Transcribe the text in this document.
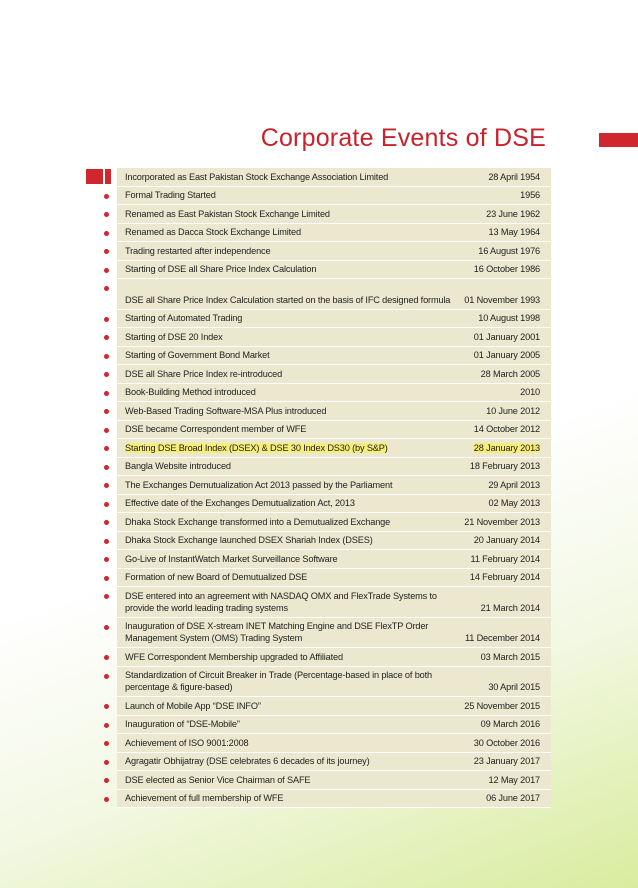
Corporate Events of DSE
Incorporated as East Pakistan Stock Exchange Association Limited	28 April 1954
Formal Trading Started	1956
Renamed as East Pakistan Stock Exchange Limited	23 June 1962
Renamed as Dacca Stock Exchange Limited	13 May 1964
Trading restarted after independence	16 August 1976
Starting of DSE all Share Price Index Calculation	16 October 1986
DSE all Share Price Index Calculation started on the basis of IFC designed formula 01 November 1993
Starting of Automated Trading	10 August 1998
Starting of DSE 20 Index	01 January 2001
Starting of Government Bond Market	01 January 2005
DSE all Share Price Index re-introduced	28 March 2005
Book-Building Method introduced	2010
Web-Based Trading Software-MSA Plus introduced	10 June 2012
DSE became Correspondent member of WFE	14 October 2012
Starting DSE Broad Index (DSEX) & DSE 30 Index DS30 (by S&P)	28 January 2013
Bangla Website introduced	18 February 2013
The Exchanges Demutualization Act 2013 passed by the Parliament	29 April 2013
Effective date of the Exchanges Demutualization Act, 2013	02 May 2013
Dhaka Stock Exchange transformed into a Demutualized Exchange	21 November 2013
Dhaka Stock Exchange launched DSEX Shariah Index (DSES)	20 January 2014
Go-Live of InstantWatch Market Surveillance Software	11 February 2014
Formation of new Board of Demutualized DSE	14 February 2014
DSE entered into an agreement with NASDAQ OMX and FlexTrade Systems to provide the world leading trading systems	21 March 2014
Inauguration of DSE X-stream INET Matching Engine and DSE FlexTP Order Management System (OMS) Trading System	11 December 2014
WFE Correspondent Membership upgraded to Affiliated	03 March 2015
Standardization of Circuit Breaker in Trade (Percentage-based in place of both percentage & figure-based)	30 April 2015
Launch of Mobile App “DSE INFO”	25 November 2015
Inauguration of “DSE-Mobile”	09 March 2016
Achievement of ISO 9001:2008	30 October 2016
Agragatir Obhijatray (DSE celebrates 6 decades of its journey)	23 January 2017
DSE elected as Senior Vice Chairman of SAFE	12 May 2017
Achievement of full membership of WFE	06 June 2017
